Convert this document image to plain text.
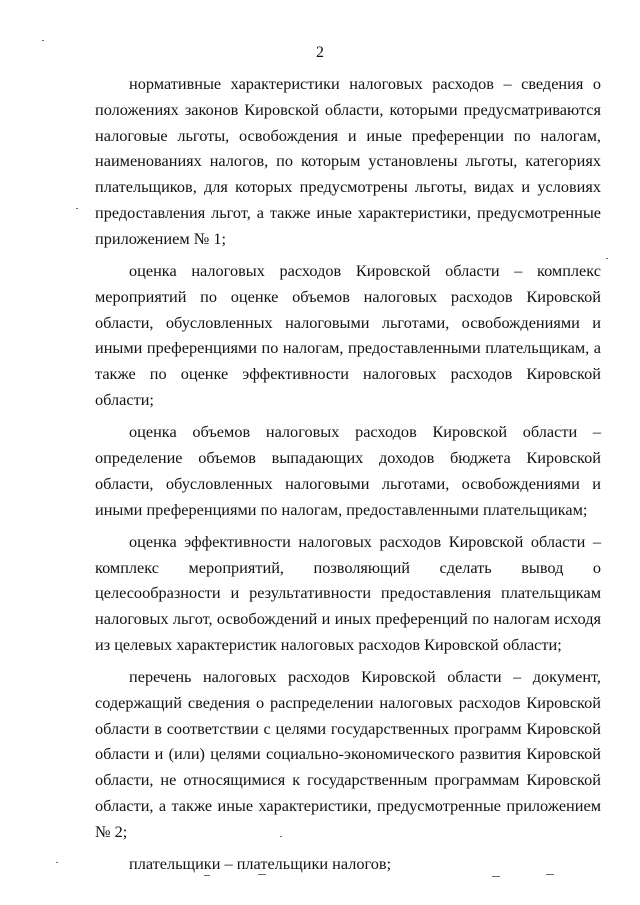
2

нормативные характеристики налоговых расходов – сведения о положениях законов Кировской области, которыми предусматриваются налоговые льготы, освобождения и иные преференции по налогам, наименованиях налогов, по которым установлены льготы, категориях плательщиков, для которых предусмотрены льготы, видах и условиях предоставления льгот, а также иные характеристики, предусмотренные приложением № 1;

оценка налоговых расходов Кировской области – комплекс мероприятий по оценке объемов налоговых расходов Кировской области, обусловленных налоговыми льготами, освобождениями и иными преференциями по налогам, предоставленными плательщикам, а также по оценке эффективности налоговых расходов Кировской области;

оценка объемов налоговых расходов Кировской области – определение объемов выпадающих доходов бюджета Кировской области, обусловленных налоговыми льготами, освобождениями и иными преференциями по налогам, предоставленными плательщикам;

оценка эффективности налоговых расходов Кировской области – комплекс мероприятий, позволяющий сделать вывод о целесообразности и результативности предоставления плательщикам налоговых льгот, освобождений и иных преференций по налогам исходя из целевых характеристик налоговых расходов Кировской области;

перечень налоговых расходов Кировской области – документ, содержащий сведения о распределении налоговых расходов Кировской области в соответствии с целями государственных программ Кировской области и (или) целями социально-экономического развития Кировской области, не относящимися к государственным программам Кировской области, а также иные характеристики, предусмотренные приложением № 2;

плательщики – плательщики налогов;
